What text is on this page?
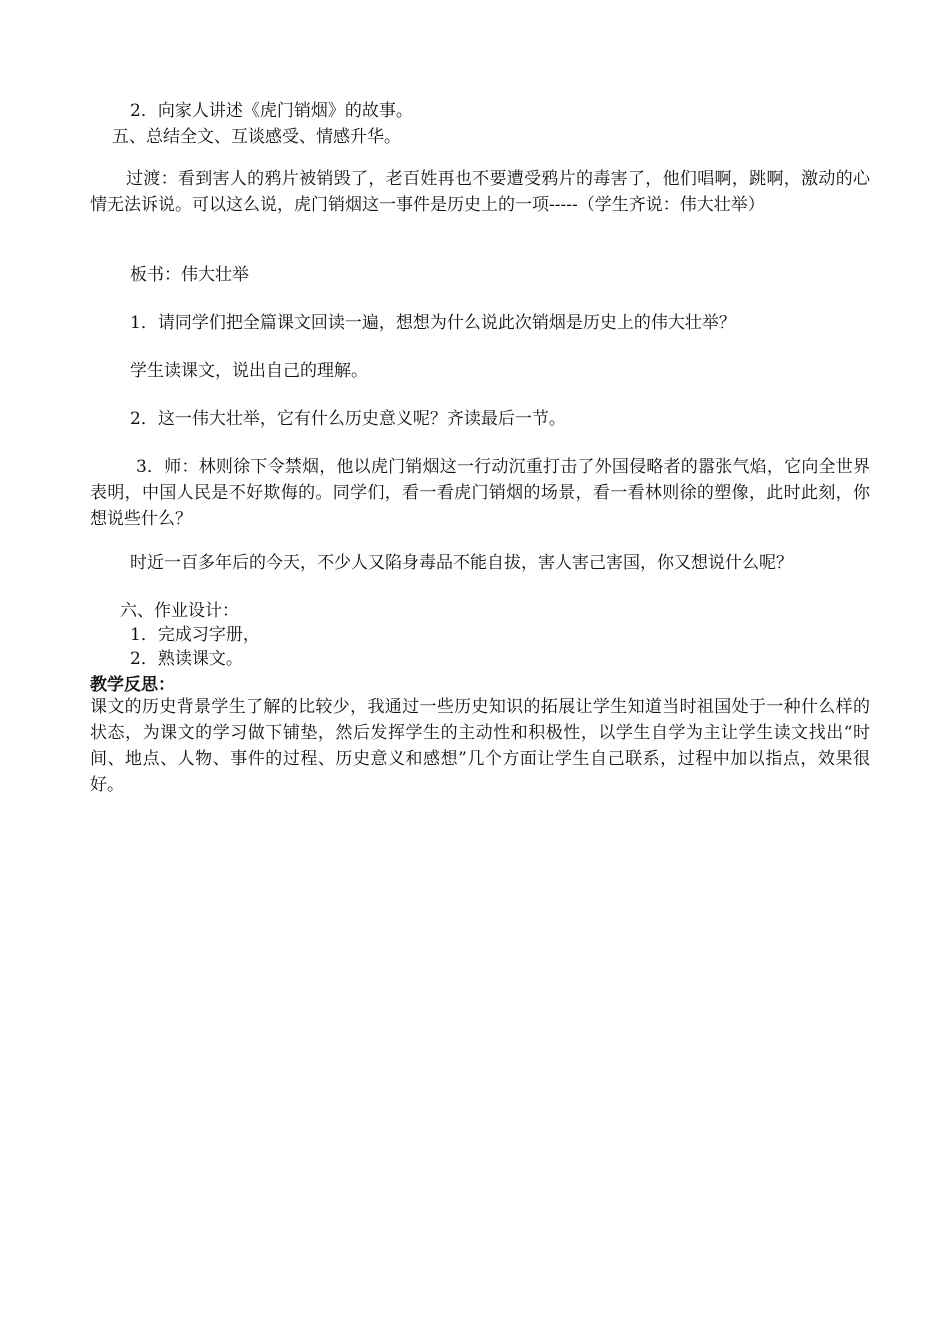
2．向家人讲述《虎门销烟》的故事。
五、总结全文、互谈感受、情感升华。
过渡：看到害人的鸦片被销毁了，老百姓再也不要遭受鸦片的毒害了，他们唱啊，跳啊，激动的心情无法诉说。可以这么说，虎门销烟这一事件是历史上的一项-----（学生齐说：伟大壮举）
板书：伟大壮举
1．请同学们把全篇课文回读一遍，想想为什么说此次销烟是历史上的伟大壮举？
学生读课文，说出自己的理解。
2．这一伟大壮举，它有什么历史意义呢？齐读最后一节。
3．师：林则徐下令禁烟，他以虎门销烟这一行动沉重打击了外国侵略者的嚣张气焰，它向全世界表明，中国人民是不好欺侮的。同学们，看一看虎门销烟的场景，看一看林则徐的塑像，此时此刻，你想说些什么？
时近一百多年后的今天，不少人又陷身毒品不能自拔，害人害己害国，你又想说什么呢？
六、作业设计：
1．完成习字册，
2．熟读课文。
教学反思：
课文的历史背景学生了解的比较少，我通过一些历史知识的拓展让学生知道当时祖国处于一种什么样的状态，为课文的学习做下铺垫，然后发挥学生的主动性和积极性，以学生自学为主让学生读文找出“时间、地点、人物、事件的过程、历史意义和感想”几个方面让学生自己联系，过程中加以指点，效果很好。
